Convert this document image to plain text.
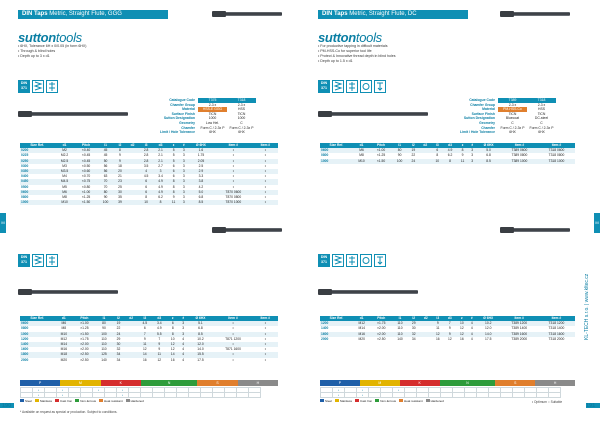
DIN Taps Metric, Straight Flute, GGG
suttontools
• 6HX, Tolerance 6H x 0/0.05 (in form 6HX)
• Through & blind holes
• Depth up to 3 x d1
DIN 371
Catalogue Code	T375	T318
Chamfer Group	2-3 x	2-3 x
Material	HSS-E GGG	HSS
Surface Finish	TiCN	TiCN
Sutton Designation	1000	1000
Geometry	Low Hel.	C
Chamfer	Form C / 2-3x P	Form C / 2-3x P
Limit / Hole Tolerance	6HX	6HX
Size Ref.	d1	Pitch	l1	l2	d2	l3	d3	z	ℓ	Ø 6HX	Item #	Item #
0200	M2	×0.40	45	8		2.8	2.1	5	3	1.6	•	•
0225	M2.2	×0.45	45	9		2.8	2.1	5	3	1.75	•	•
0250	M2.5	×0.45	50	9		2.8	2.1	5	3	2.05	•	•
0300	M3	×0.50	56	18		3.5	2.7	6	3	2.5	•	•
0350	M3.5	×0.60	56	20		4	3	6	3	2.9	•	•
0400	M4	×0.70	63	21		4.5	3.4	6	3	3.3	•	•
0450	M4.5	×0.75	70	23		6	4.9	8	3	3.8	•	•
0500	M5	×0.80	70	25		6	4.9	8	3	4.2	•	•
0600	M6	×1.00	80	30		6	4.9	8	3	5.0	T870 0600	•
0800	M8	×1.25	90	35		8	6.2	9	3	6.8	T870 0800	•
1000	M10	×1.50	100	39		10	8	11	3	8.5	T870 1000	•
DIN 371
Size Ref.	d1	Pitch	l1	l2	d2	l3	d3	z	ℓ	Ø 6HX	Item #	Item #
0600	M6	×1.00	80	19		4.5	3.4	6	3	5.1	•	•
0800	M8	×1.25	90	22		6	4.9	8	3	6.8	•	•
1000	M10	×1.50	100	24		7	5.5	8	3	8.5	•	•
1200	M12	×1.75	110	29		9	7	10	4	10.2	T871 1200	•
1400	M14	×2.00	110	30		11	9	12	4	12.0	•	•
1600	M16	×2.00	110	32		12	9	12	4	14.0	T871 1600	•
1800	M18	×2.50	125	34		14	11	14	4	15.5	•	•
2000	M20	×2.50	140	34		16	12	16	4	17.5	•	•
P	M	K	N	S	H
	•		•			•		•											
	•		•					•											
Steel	Stainless	Cast Iron	Non-ferrous	Heat resistant	Hardened
* Available on request as special or production. Subject to conditions.
M
190
DIN Taps Metric, Straight Flute, DC
suttontools
• For productive tapping in difficult materials
• PM-HSS-Co for superior tool life
• Protect & Innovative thread depth in blind holes
• Depth up to 1.5 x d1
DIN 371
Catalogue Code	T389	T318
Chamfer Group	2-3 x	2-3 x
Material	PM-HSS-Co	HSS
Surface Finish	TiCN	TiCN
Sutton Designation	Bluecoat	DC-steel
Geometry	C	C
Chamfer	Form C / 2-3x P	Form C / 2-3x P
Limit / Hole Tolerance	6HX	6HX
Size Ref.	d1	Pitch	l1	l2	d2	l3	d3	z	ℓ	Ø 6HX	Item #	Item #
0600	M6	×1.00	80	19		6	4.9	8	3	5.0	T389 0600	T318 0600
0800	M8	×1.25	90	22		8	6.2	9	3	6.8	T389 0800	T318 0800
1000	M10	×1.50	100	24		10	8	11	3	8.5	T389 1000	T318 1000
DIN 371
Size Ref.	d1	Pitch	l1	l2	d2	l3	d3	z	ℓ	Ø 6HX	Item #	Item #
1200	M12	×1.75	110	29		9	7	10	4	10.2	T389 1200	T318 1200
1400	M14	×2.00	110	30		11	9	12	4	12.0	T389 1400	T318 1400
1600	M16	×2.00	110	32		12	9	12	4	14.0	T389 1600	T318 1600
2000	M20	×2.50	140	34		16	12	16	4	17.5	T389 2000	T318 2000
P	M	K	N	S	H
	•		•			•													
	•		•																
Steel	Stainless	Cast Iron	Non-ferrous	Heat resistant	Hardened	• Optimum ○ Suitable
M
KL-TECH s.r.o. | www.kltec.cz
191
